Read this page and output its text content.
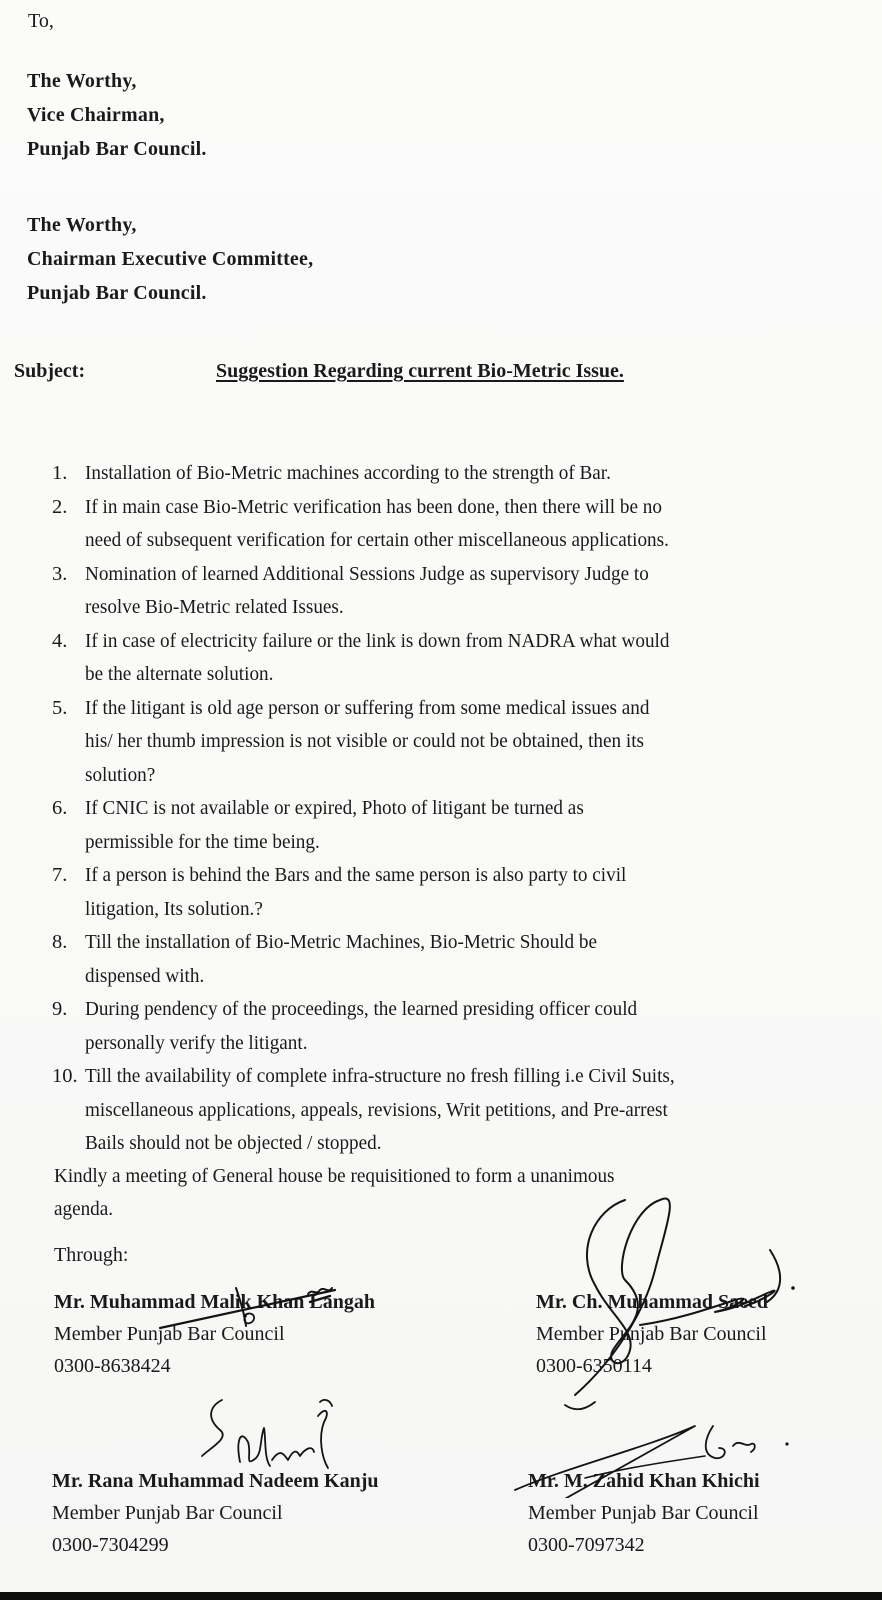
To,
The Worthy,
Vice Chairman,
Punjab Bar Council.
The Worthy,
Chairman Executive Committee,
Punjab Bar Council.
Subject:	Suggestion Regarding current Bio-Metric Issue.
1. Installation of Bio-Metric machines according to the strength of Bar.
2. If in main case Bio-Metric verification has been done, then there will be no
need of subsequent verification for certain other miscellaneous applications.
3. Nomination of learned Additional Sessions Judge as supervisory Judge to
resolve Bio-Metric related Issues.
4. If in case of electricity failure or the link is down from NADRA what would
be the alternate solution.
5. If the litigant is old age person or suffering from some medical issues and
his/ her thumb impression is not visible or could not be obtained, then its
solution?
6. If CNIC is not available or expired, Photo of litigant be turned as
permissible for the time being.
7. If a person is behind the Bars and the same person is also party to civil
litigation, Its solution.?
8. Till the installation of Bio-Metric Machines, Bio-Metric Should be
dispensed with.
9. During pendency of the proceedings, the learned presiding officer could
personally verify the litigant.
10. Till the availability of complete infra-structure no fresh filling i.e Civil Suits,
miscellaneous applications, appeals, revisions, Writ petitions, and Pre-arrest
Bails should not be objected / stopped.
Kindly a meeting of General house be requisitioned to form a unanimous
agenda.
Through:
Mr. Muhammad Malik Khan Langah
Member Punjab Bar Council
0300-8638424
Mr. Ch. Muhammad Saeed
Member Punjab Bar Council
0300-6350114
Mr. Rana Muhammad Nadeem Kanju
Member Punjab Bar Council
0300-7304299
Mr. M. Zahid Khan Khichi
Member Punjab Bar Council
0300-7097342
